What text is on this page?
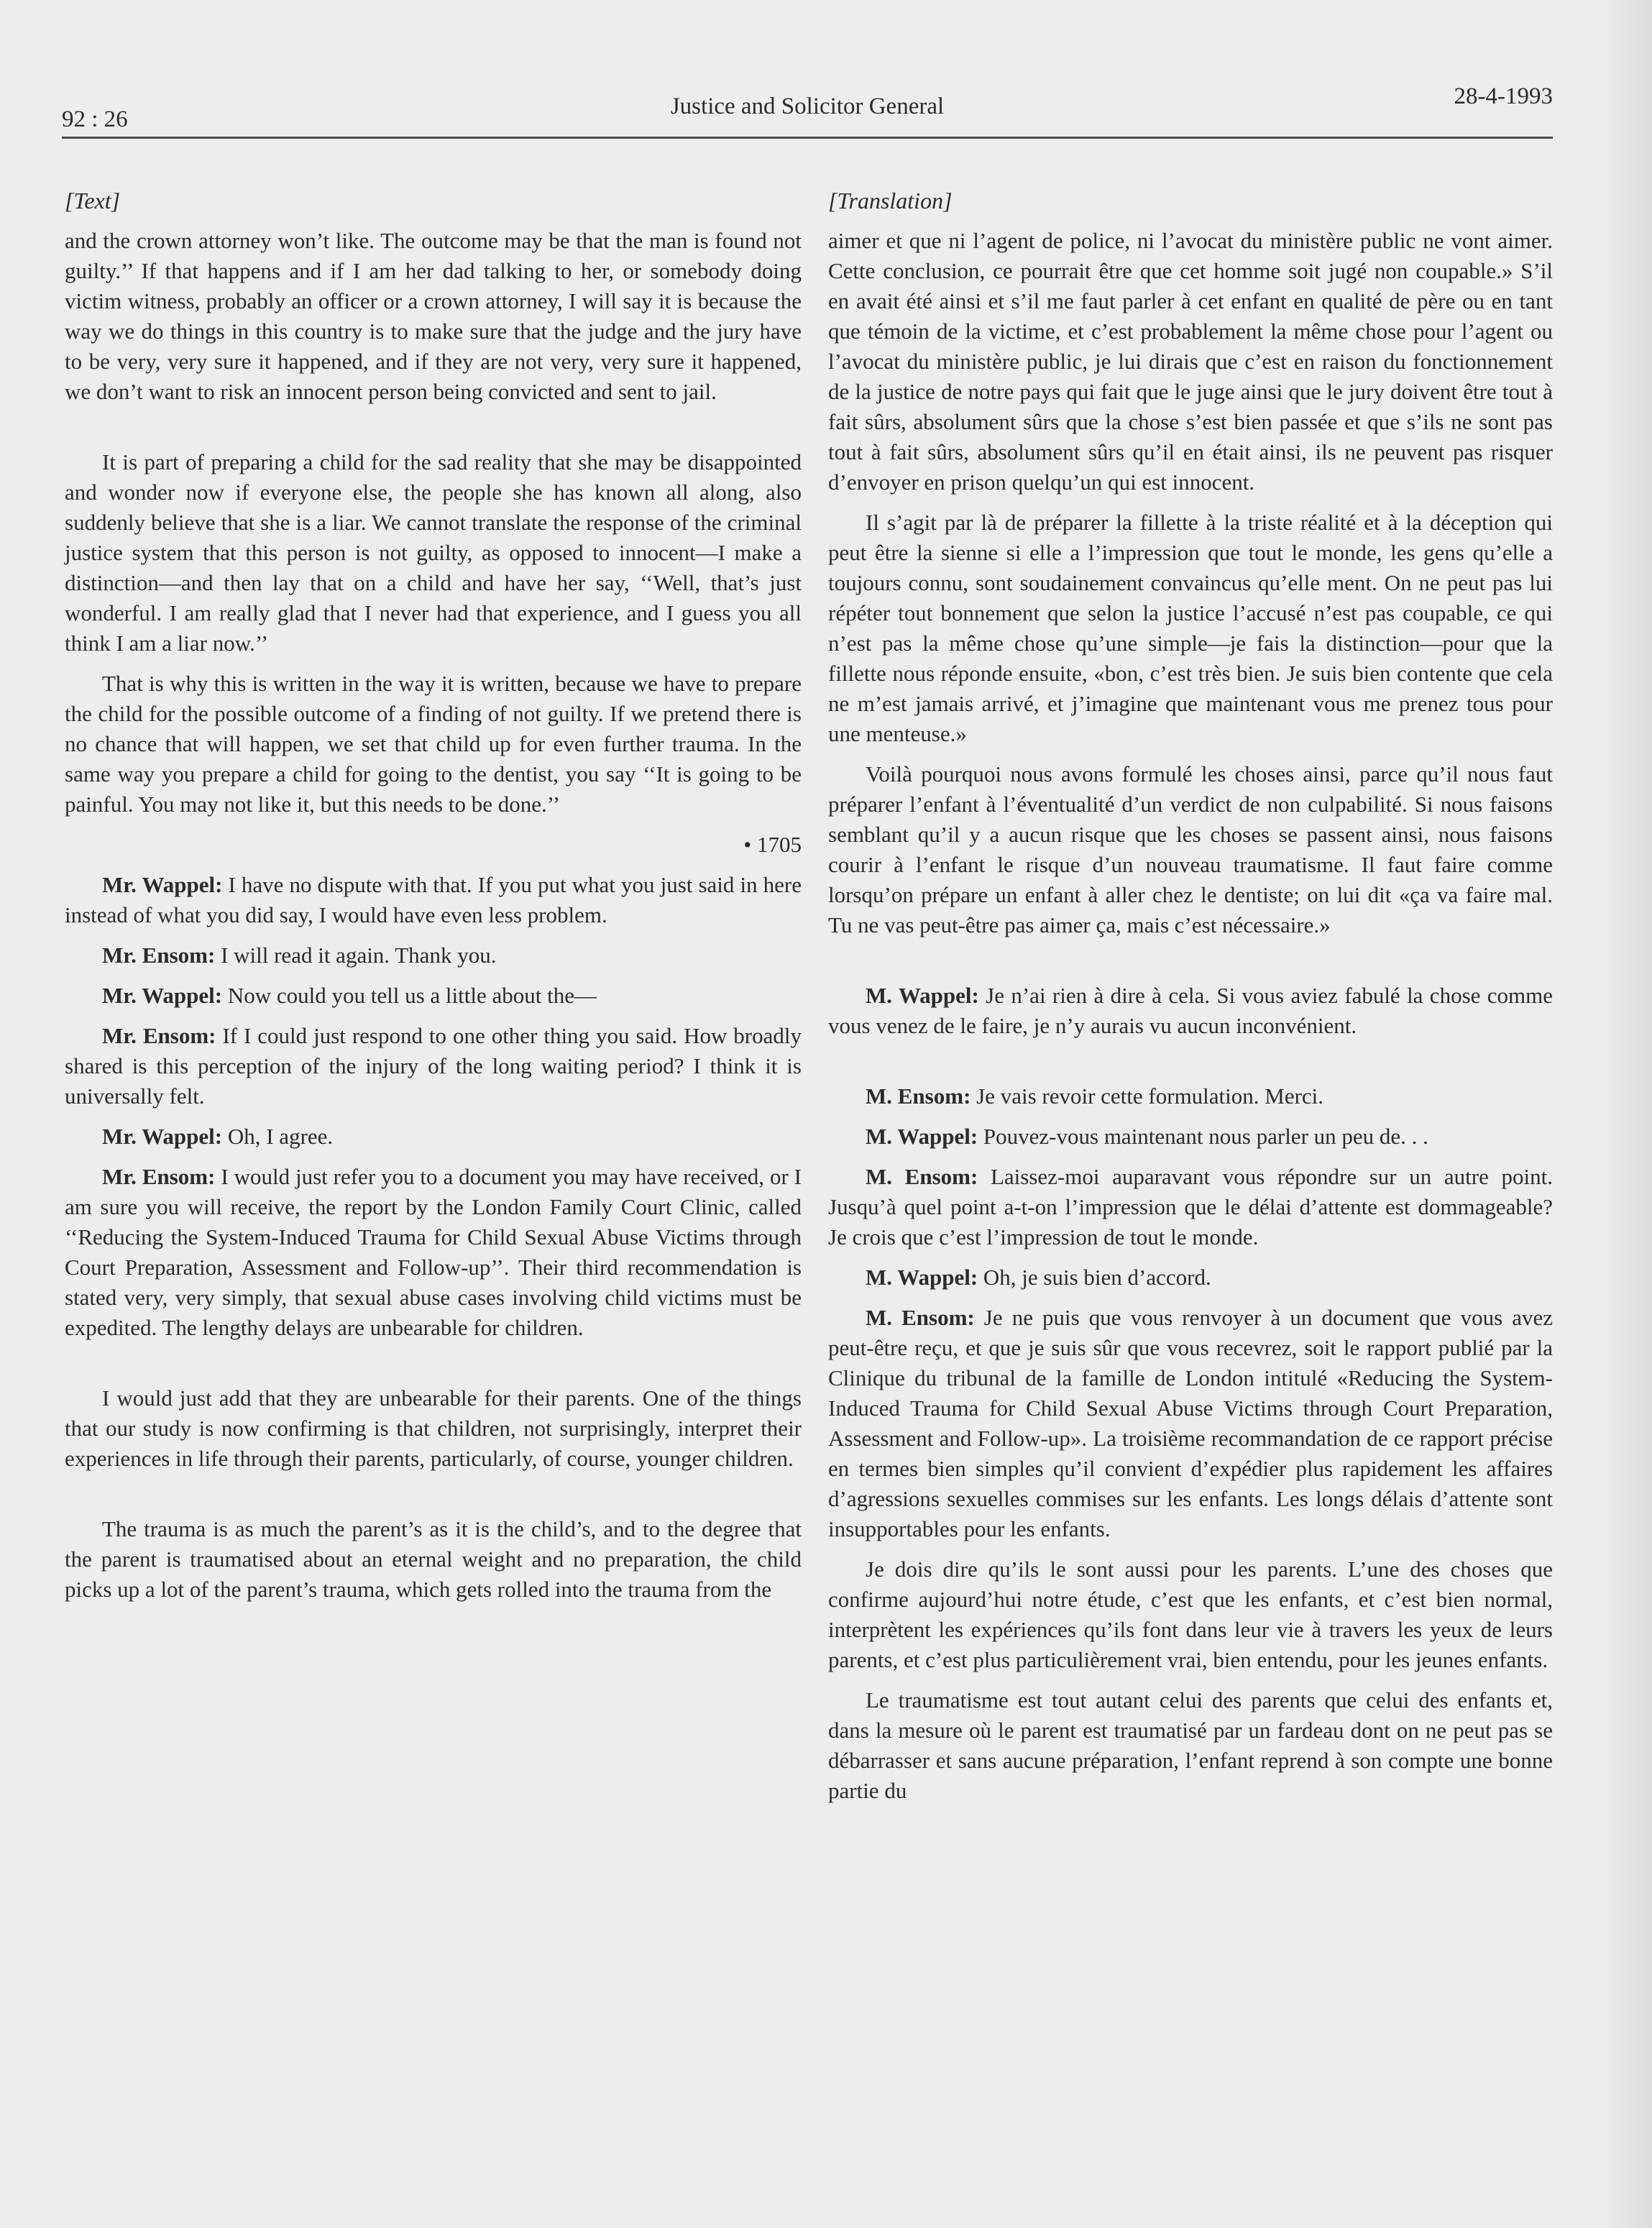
92 : 26	Justice and Solicitor General	28-4-1993
[Text]

and the crown attorney won’t like. The outcome may be that the man is found not guilty.’’ If that happens and if I am her dad talking to her, or somebody doing victim witness, probably an officer or a crown attorney, I will say it is because the way we do things in this country is to make sure that the judge and the jury have to be very, very sure it happened, and if they are not very, very sure it happened, we don’t want to risk an innocent person being convicted and sent to jail.

It is part of preparing a child for the sad reality that she may be disappointed and wonder now if everyone else, the people she has known all along, also suddenly believe that she is a liar. We cannot translate the response of the criminal justice system that this person is not guilty, as opposed to innocent—I make a distinction—and then lay that on a child and have her say, ‘‘Well, that’s just wonderful. I am really glad that I never had that experience, and I guess you all think I am a liar now.’’

That is why this is written in the way it is written, because we have to prepare the child for the possible outcome of a finding of not guilty. If we pretend there is no chance that will happen, we set that child up for even further trauma. In the same way you prepare a child for going to the dentist, you say ‘‘It is going to be painful. You may not like it, but this needs to be done.’’

• 1705

Mr. Wappel: I have no dispute with that. If you put what you just said in here instead of what you did say, I would have even less problem.

Mr. Ensom: I will read it again. Thank you.

Mr. Wappel: Now could you tell us a little about the—

Mr. Ensom: If I could just respond to one other thing you said. How broadly shared is this perception of the injury of the long waiting period? I think it is universally felt.

Mr. Wappel: Oh, I agree.

Mr. Ensom: I would just refer you to a document you may have received, or I am sure you will receive, the report by the London Family Court Clinic, called ‘‘Reducing the System-Induced Trauma for Child Sexual Abuse Victims through Court Preparation, Assessment and Follow-up’’. Their third recommendation is stated very, very simply, that sexual abuse cases involving child victims must be expedited. The lengthy delays are unbearable for children.

I would just add that they are unbearable for their parents. One of the things that our study is now confirming is that children, not surprisingly, interpret their experiences in life through their parents, particularly, of course, younger children.

The trauma is as much the parent’s as it is the child’s, and to the degree that the parent is traumatised about an eternal weight and no preparation, the child picks up a lot of the parent’s trauma, which gets rolled into the trauma from the

[Translation]

aimer et que ni l’agent de police, ni l’avocat du ministère public ne vont aimer. Cette conclusion, ce pourrait être que cet homme soit jugé non coupable.» S’il en avait été ainsi et s’il me faut parler à cet enfant en qualité de père ou en tant que témoin de la victime, et c’est probablement la même chose pour l’agent ou l’avocat du ministère public, je lui dirais que c’est en raison du fonctionnement de la justice de notre pays qui fait que le juge ainsi que le jury doivent être tout à fait sûrs, absolument sûrs que la chose s’est bien passée et que s’ils ne sont pas tout à fait sûrs, absolument sûrs qu’il en était ainsi, ils ne peuvent pas risquer d’envoyer en prison quelqu’un qui est innocent.

Il s’agit par là de préparer la fillette à la triste réalité et à la déception qui peut être la sienne si elle a l’impression que tout le monde, les gens qu’elle a toujours connu, sont soudainement convaincus qu’elle ment. On ne peut pas lui répéter tout bonnement que selon la justice l’accusé n’est pas coupable, ce qui n’est pas la même chose qu’une simple—je fais la distinction—pour que la fillette nous réponde ensuite, «bon, c’est très bien. Je suis bien contente que cela ne m’est jamais arrivé, et j’imagine que maintenant vous me prenez tous pour une menteuse.»

Voilà pourquoi nous avons formulé les choses ainsi, parce qu’il nous faut préparer l’enfant à l’éventualité d’un verdict de non culpabilité. Si nous faisons semblant qu’il y a aucun risque que les choses se passent ainsi, nous faisons courir à l’enfant le risque d’un nouveau traumatisme. Il faut faire comme lorsqu’on prépare un enfant à aller chez le dentiste; on lui dit «ça va faire mal. Tu ne vas peut-être pas aimer ça, mais c’est nécessaire.»

M. Wappel: Je n’ai rien à dire à cela. Si vous aviez fabulé la chose comme vous venez de le faire, je n’y aurais vu aucun inconvénient.

M. Ensom: Je vais revoir cette formulation. Merci.

M. Wappel: Pouvez-vous maintenant nous parler un peu de. . .

M. Ensom: Laissez-moi auparavant vous répondre sur un autre point. Jusqu’à quel point a-t-on l’impression que le délai d’attente est dommageable? Je crois que c’est l’impression de tout le monde.

M. Wappel: Oh, je suis bien d’accord.

M. Ensom: Je ne puis que vous renvoyer à un document que vous avez peut-être reçu, et que je suis sûr que vous recevrez, soit le rapport publié par la Clinique du tribunal de la famille de London intitulé «Reducing the System-Induced Trauma for Child Sexual Abuse Victims through Court Preparation, Assessment and Follow-up». La troisième recommandation de ce rapport précise en termes bien simples qu’il convient d’expédier plus rapidement les affaires d’agressions sexuelles commises sur les enfants. Les longs délais d’attente sont insupportables pour les enfants.

Je dois dire qu’ils le sont aussi pour les parents. L’une des choses que confirme aujourd’hui notre étude, c’est que les enfants, et c’est bien normal, interprètent les expériences qu’ils font dans leur vie à travers les yeux de leurs parents, et c’est plus particulièrement vrai, bien entendu, pour les jeunes enfants.

Le traumatisme est tout autant celui des parents que celui des enfants et, dans la mesure où le parent est traumatisé par un fardeau dont on ne peut pas se débarrasser et sans aucune préparation, l’enfant reprend à son compte une bonne partie du
